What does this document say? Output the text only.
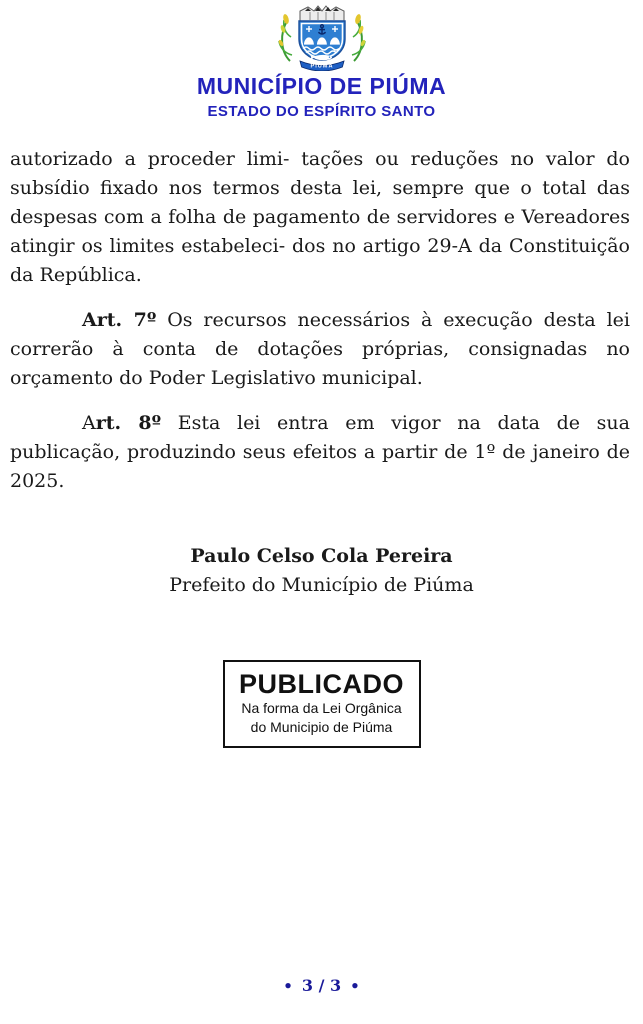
PIÚMA
MUNICÍPIO DE PIÚMA
ESTADO DO ESPÍRITO SANTO

autorizado a proceder limi- tações ou reduções no valor do subsídio fixado nos termos desta lei, sempre que o total das despesas com a folha de pagamento de servidores e Vereadores atingir os limites estabeleci- dos no artigo 29-A da Constituição da República.

Art. 7º Os recursos necessários à execução desta lei correrão à conta de dotações próprias, consignadas no orçamento do Poder Legislativo municipal.

Art. 8º Esta lei entra em vigor na data de sua publicação, produzindo seus efeitos a partir de 1º de janeiro de 2025.

Paulo Celso Cola Pereira
Prefeito do Município de Piúma
PUBLICADO
Na forma da Lei Orgânica
do Municipio de Piúma
• 3 / 3 •
